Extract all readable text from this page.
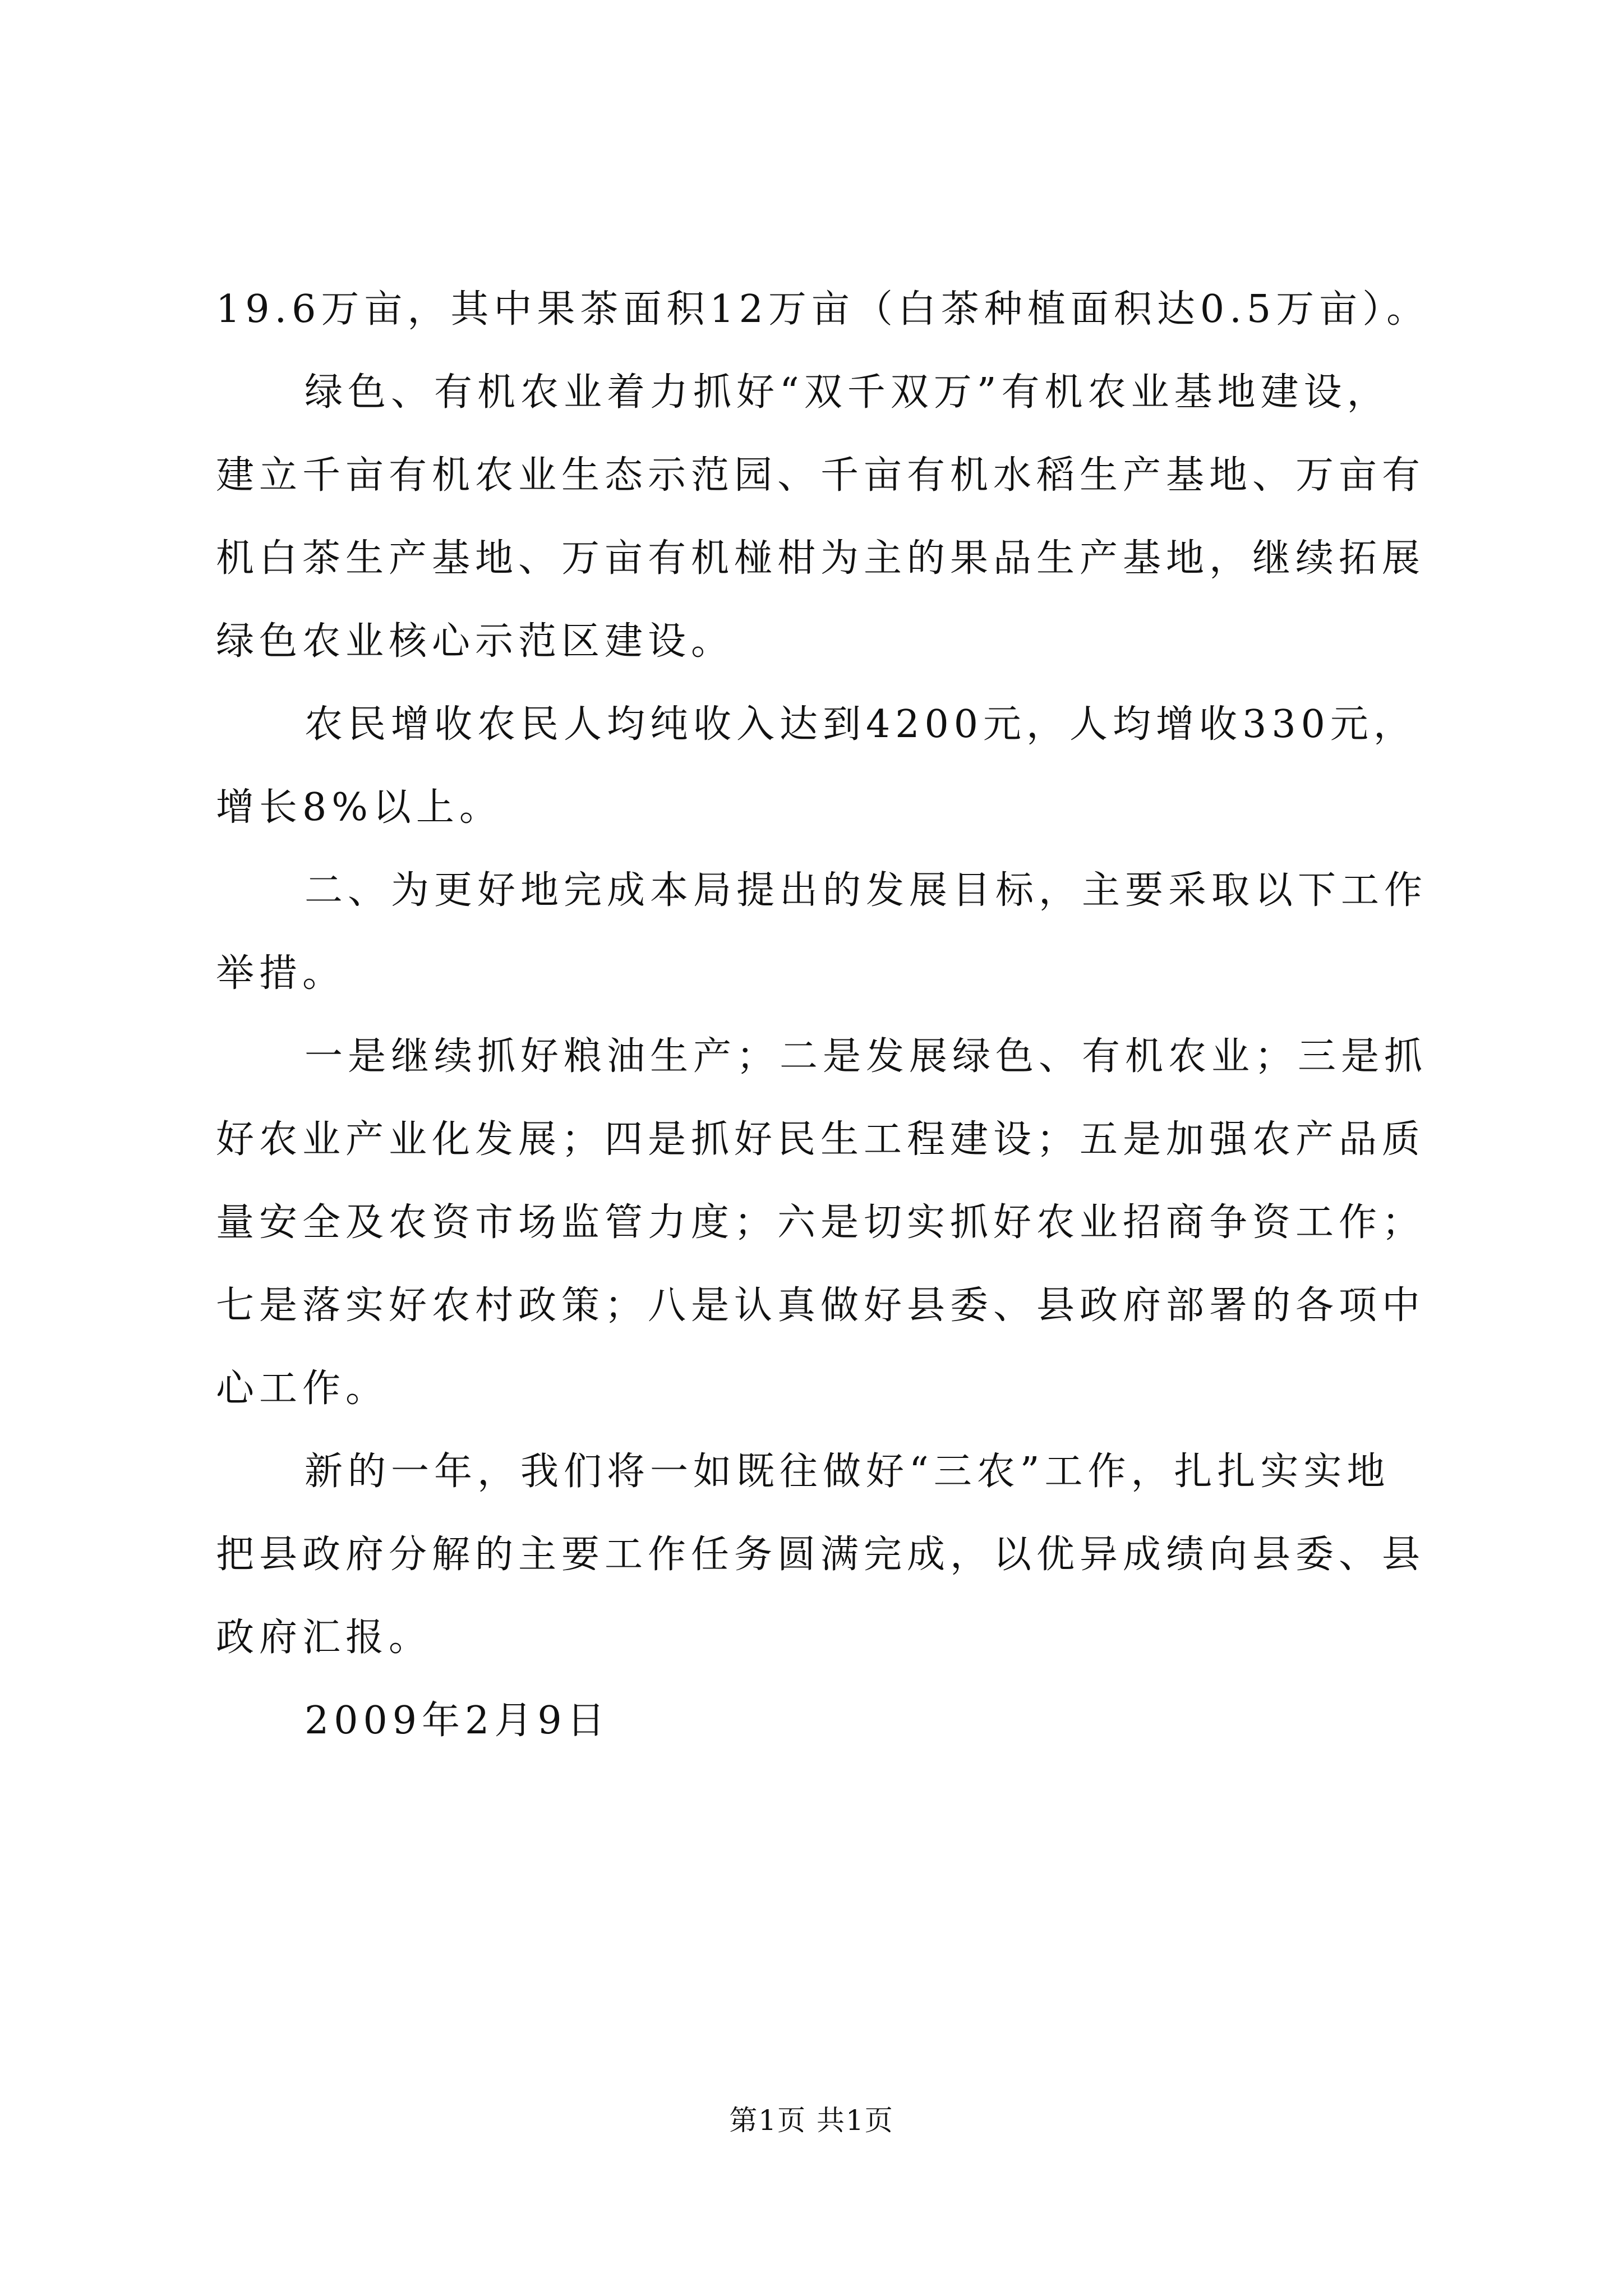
19.6万亩，其中果茶面积12万亩（白茶种植面积达0.5万亩）。
绿色、有机农业着力抓好“双千双万”有机农业基地建设，
建立千亩有机农业生态示范园、千亩有机水稻生产基地、万亩有
机白茶生产基地、万亩有机椪柑为主的果品生产基地，继续拓展
绿色农业核心示范区建设。
农民增收农民人均纯收入达到4200元，人均增收330元，
增长8%以上。
二、为更好地完成本局提出的发展目标，主要采取以下工作
举措。
一是继续抓好粮油生产；二是发展绿色、有机农业；三是抓
好农业产业化发展；四是抓好民生工程建设；五是加强农产品质
量安全及农资市场监管力度；六是切实抓好农业招商争资工作；
七是落实好农村政策；八是认真做好县委、县政府部署的各项中
心工作。
新的一年，我们将一如既往做好“三农”工作，扎扎实实地
把县政府分解的主要工作任务圆满完成，以优异成绩向县委、县
政府汇报。
2009年2月9日
第1页 共1页
